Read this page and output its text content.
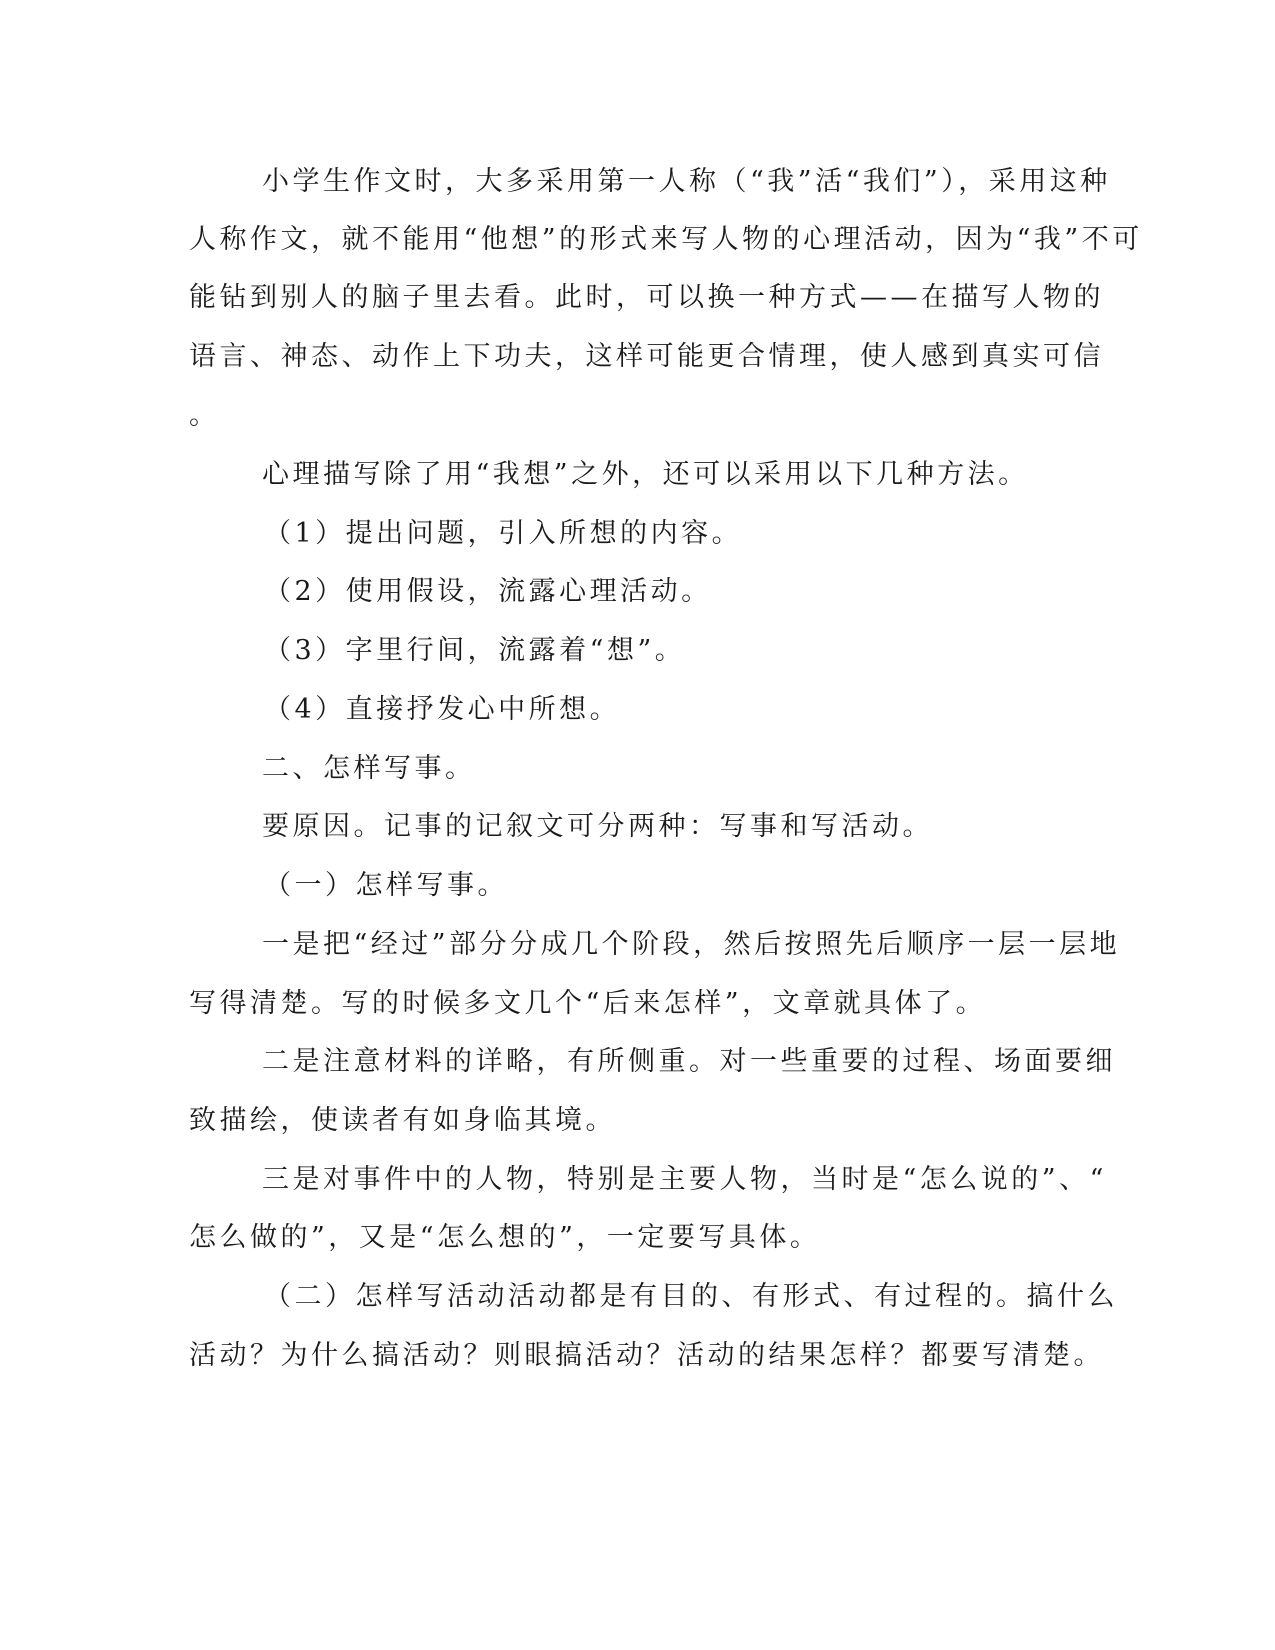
小学生作文时，大多采用第一人称（“我”活“我们”），采用这种
人称作文，就不能用“他想”的形式来写人物的心理活动，因为“我”不可
能钻到别人的脑子里去看。此时，可以换一种方式——在描写人物的
语言、神态、动作上下功夫，这样可能更合情理，使人感到真实可信
。
心理描写除了用“我想”之外，还可以采用以下几种方法。
（1）提出问题，引入所想的内容。
（2）使用假设，流露心理活动。
（3）字里行间，流露着“想”。
（4）直接抒发心中所想。
二、怎样写事。
要原因。记事的记叙文可分两种：写事和写活动。
（一）怎样写事。
一是把“经过”部分分成几个阶段，然后按照先后顺序一层一层地
写得清楚。写的时候多文几个“后来怎样”，文章就具体了。
二是注意材料的详略，有所侧重。对一些重要的过程、场面要细
致描绘，使读者有如身临其境。
三是对事件中的人物，特别是主要人物，当时是“怎么说的”、“
怎么做的”，又是“怎么想的”，一定要写具体。
（二）怎样写活动活动都是有目的、有形式、有过程的。搞什么
活动？为什么搞活动？则眼搞活动？活动的结果怎样？都要写清楚。
